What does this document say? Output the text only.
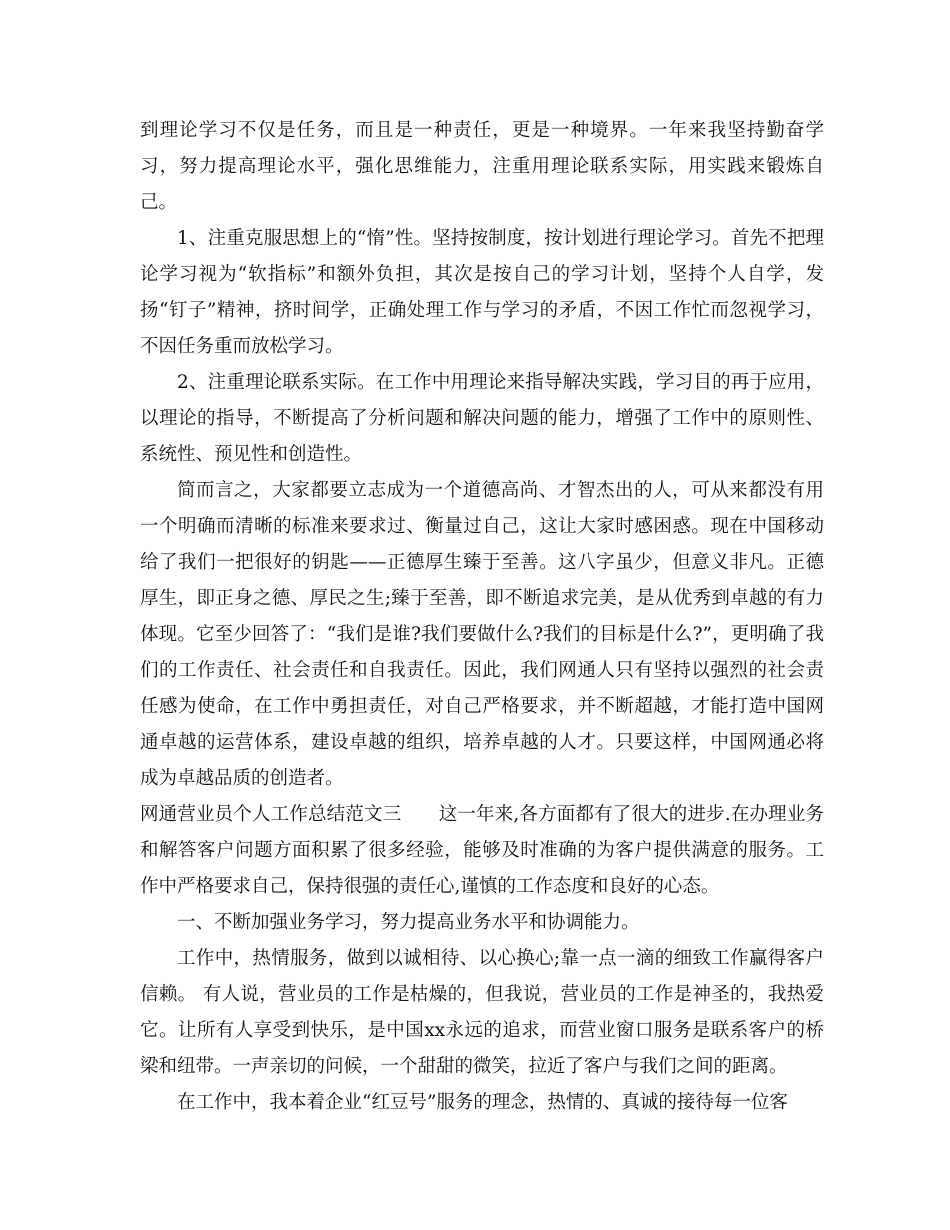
到理论学习不仅是任务，而且是一种责任，更是一种境界。一年来我坚持勤奋学习，努力提高理论水平，强化思维能力，注重用理论联系实际，用实践来锻炼自己。

1、注重克服思想上的“惰”性。坚持按制度，按计划进行理论学习。首先不把理论学习视为“软指标”和额外负担，其次是按自己的学习计划，坚持个人自学，发扬“钉子”精神，挤时间学，正确处理工作与学习的矛盾，不因工作忙而忽视学习，不因任务重而放松学习。

2、注重理论联系实际。在工作中用理论来指导解决实践，学习目的再于应用，以理论的指导，不断提高了分析问题和解决问题的能力，增强了工作中的原则性、系统性、预见性和创造性。

简而言之，大家都要立志成为一个道德高尚、才智杰出的人，可从来都没有用一个明确而清晰的标准来要求过、衡量过自己，这让大家时感困惑。现在中国移动给了我们一把很好的钥匙——正德厚生臻于至善。这八字虽少，但意义非凡。正德厚生，即正身之德、厚民之生;臻于至善，即不断追求完美，是从优秀到卓越的有力体现。它至少回答了：“我们是谁?我们要做什么?我们的目标是什么?”，更明确了我们的工作责任、社会责任和自我责任。因此，我们网通人只有坚持以强烈的社会责任感为使命，在工作中勇担责任，对自己严格要求，并不断超越，才能打造中国网通卓越的运营体系，建设卓越的组织，培养卓越的人才。只要这样，中国网通必将成为卓越品质的创造者。

网通营业员个人工作总结范文三　　这一年来,各方面都有了很大的进步.在办理业务和解答客户问题方面积累了很多经验，能够及时准确的为客户提供满意的服务。工作中严格要求自己，保持很强的责任心,谨慎的工作态度和良好的心态。

一、不断加强业务学习，努力提高业务水平和协调能力。

工作中，热情服务，做到以诚相待、以心换心;靠一点一滴的细致工作赢得客户信赖。 有人说，营业员的工作是枯燥的，但我说，营业员的工作是神圣的，我热爱它。让所有人享受到快乐，是中国xx永远的追求，而营业窗口服务是联系客户的桥梁和纽带。一声亲切的问候，一个甜甜的微笑，拉近了客户与我们之间的距离。

在工作中，我本着企业“红豆号”服务的理念，热情的、真诚的接待每一位客
